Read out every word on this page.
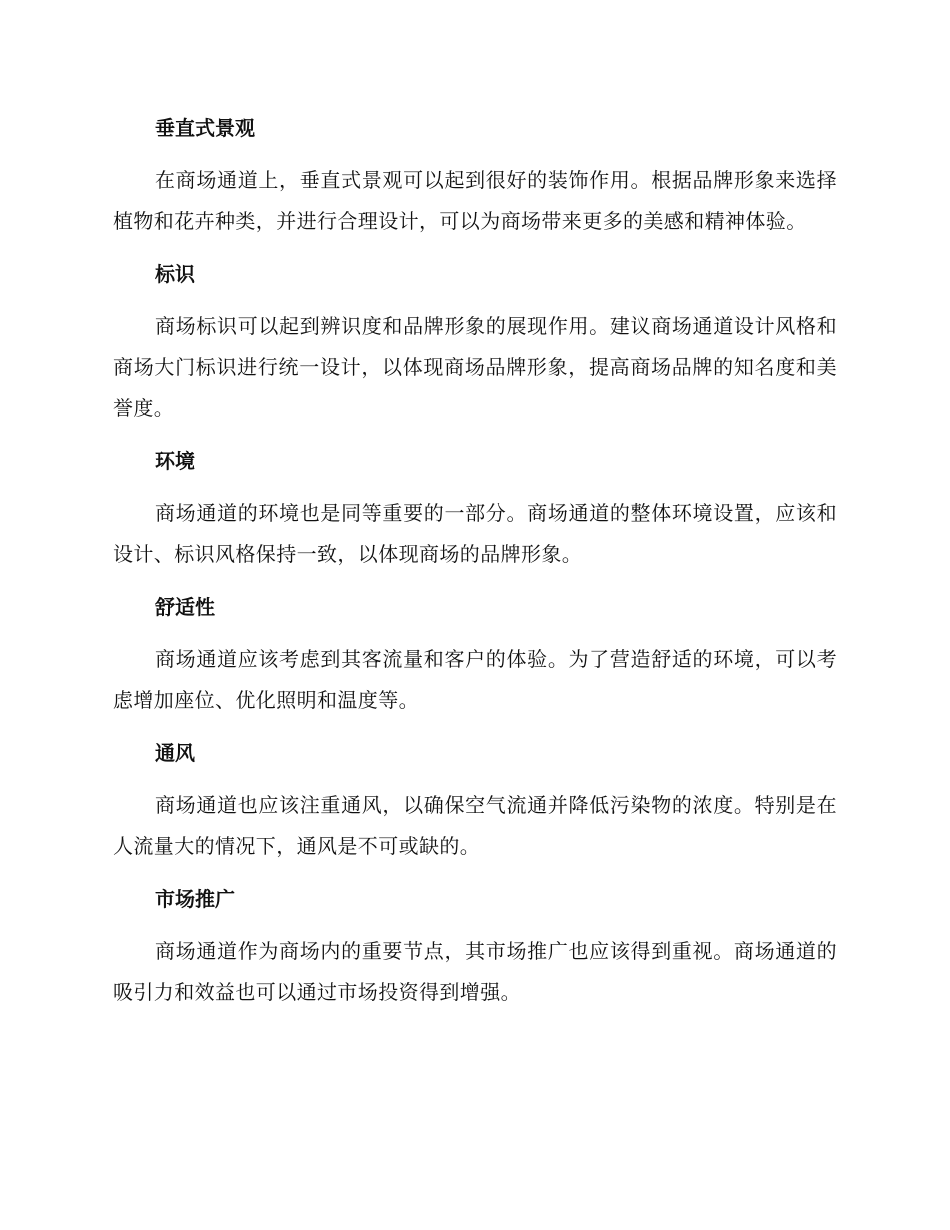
垂直式景观

在商场通道上，垂直式景观可以起到很好的装饰作用。根据品牌形象来选择植物和花卉种类，并进行合理设计，可以为商场带来更多的美感和精神体验。

标识

商场标识可以起到辨识度和品牌形象的展现作用。建议商场通道设计风格和商场大门标识进行统一设计，以体现商场品牌形象，提高商场品牌的知名度和美誉度。

环境

商场通道的环境也是同等重要的一部分。商场通道的整体环境设置，应该和设计、标识风格保持一致，以体现商场的品牌形象。

舒适性

商场通道应该考虑到其客流量和客户的体验。为了营造舒适的环境，可以考虑增加座位、优化照明和温度等。

通风

商场通道也应该注重通风，以确保空气流通并降低污染物的浓度。特别是在人流量大的情况下，通风是不可或缺的。

市场推广

商场通道作为商场内的重要节点，其市场推广也应该得到重视。商场通道的吸引力和效益也可以通过市场投资得到增强。
